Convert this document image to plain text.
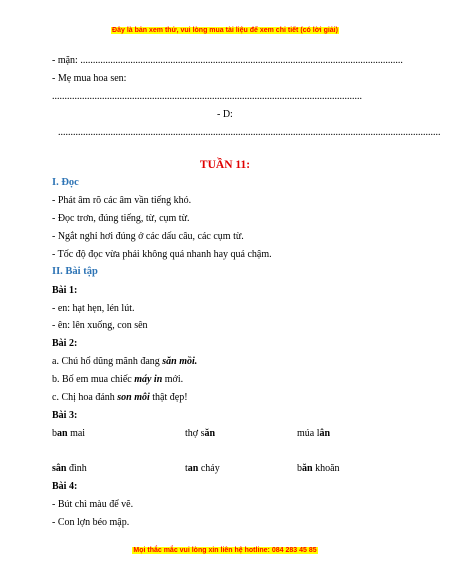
Đây là bản xem thử, vui lòng mua tài liệu để xem chi tiết (có lời giải)
- mặn: .................................................................................................................................
- Mẹ mua hoa sen:
............................................................................................................................
- D:
.........................................................................................................................................................
TUẦN 11:
I. Đọc
- Phát âm rõ các âm vần tiếng khó.
- Đọc trơn, đúng tiếng, từ, cụm từ.
- Ngắt nghỉ hơi đúng ở các dấu câu, các cụm từ.
- Tốc độ đọc vừa phải không quá nhanh hay quá chậm.
II. Bài tập
Bài 1:
- en: hạt hẹn, lén lút.
- ên: lên xuống, con sên
Bài 2:
a. Chú hổ dũng mãnh đang săn mồi.
b. Bố em mua chiếc máy in mới.
c. Chị hoa đánh son môi thật đẹp!
Bài 3:
ban mai	thợ săn	múa lân
sân đình	tan cháy	băn khoăn
Bài 4:
- Bút chì màu để vẽ.
- Con lợn béo mập.
Mọi thắc mắc vui lòng xin liên hệ hotline: 084 283 45 85
